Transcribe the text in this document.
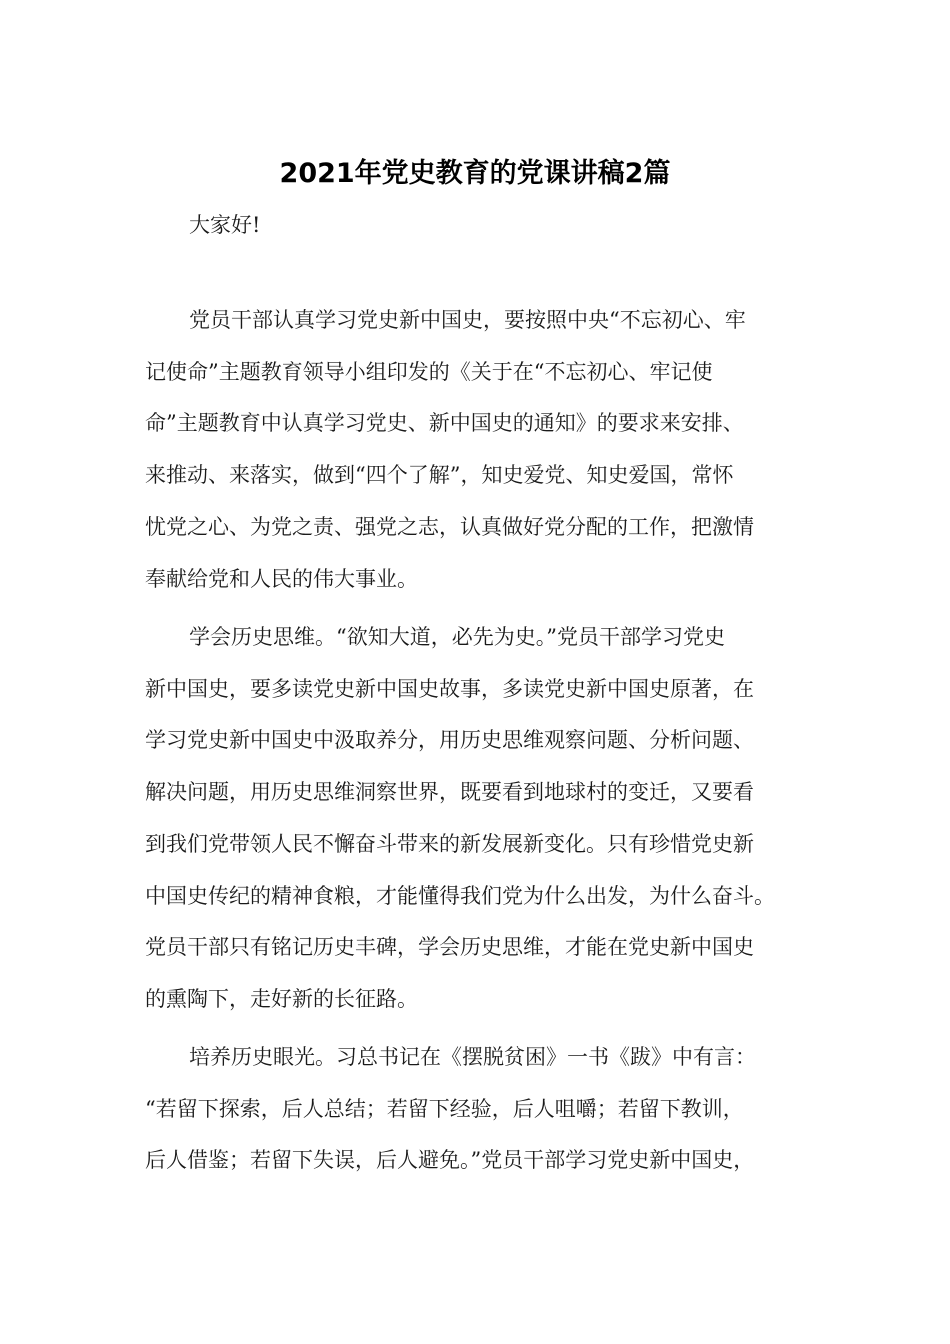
2021年党史教育的党课讲稿2篇

大家好!

党员干部认真学习党史新中国史，要按照中央“不忘初心、牢
记使命”主题教育领导小组印发的《关于在“不忘初心、牢记使
命”主题教育中认真学习党史、新中国史的通知》的要求来安排、
来推动、来落实，做到“四个了解”，知史爱党、知史爱国，常怀
忧党之心、为党之责、强党之志，认真做好党分配的工作，把激情
奉献给党和人民的伟大事业。

学会历史思维。“欲知大道，必先为史。”党员干部学习党史
新中国史，要多读党史新中国史故事，多读党史新中国史原著，在
学习党史新中国史中汲取养分，用历史思维观察问题、分析问题、
解决问题，用历史思维洞察世界，既要看到地球村的变迁，又要看
到我们党带领人民不懈奋斗带来的新发展新变化。只有珍惜党史新
中国史传纪的精神食粮，才能懂得我们党为什么出发，为什么奋斗。
党员干部只有铭记历史丰碑，学会历史思维，才能在党史新中国史
的熏陶下，走好新的长征路。

培养历史眼光。习总书记在《摆脱贫困》一书《跋》中有言：
“若留下探索，后人总结；若留下经验，后人咀嚼；若留下教训，
后人借鉴；若留下失误，后人避免。”党员干部学习党史新中国史，
